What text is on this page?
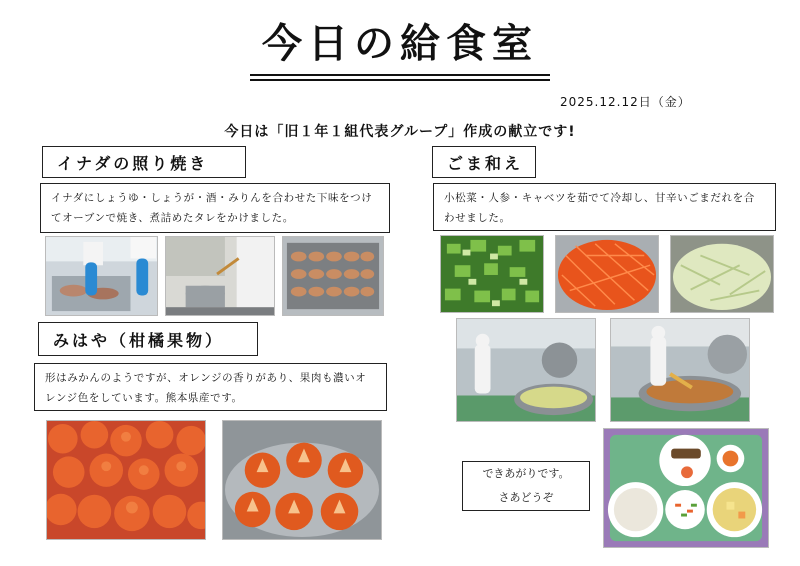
今日の給食室
2025.12.12日（金）
今日は「旧１年１組代表グループ」作成の献立です!
イナダの照り焼き
イナダにしょうゆ・しょうが・酒・みりんを合わせた下味をつけてオーブンで焼き、煮詰めたタレをかけました。
みはや（柑橘果物）
形はみかんのようですが、オレンジの香りがあり、果肉も濃いオレンジ色をしています。熊本県産です。
ごま和え
小松菜・人参・キャベツを茹でて冷却し、甘辛いごまだれを合わせました。
できあがりです。
さあどうぞ
